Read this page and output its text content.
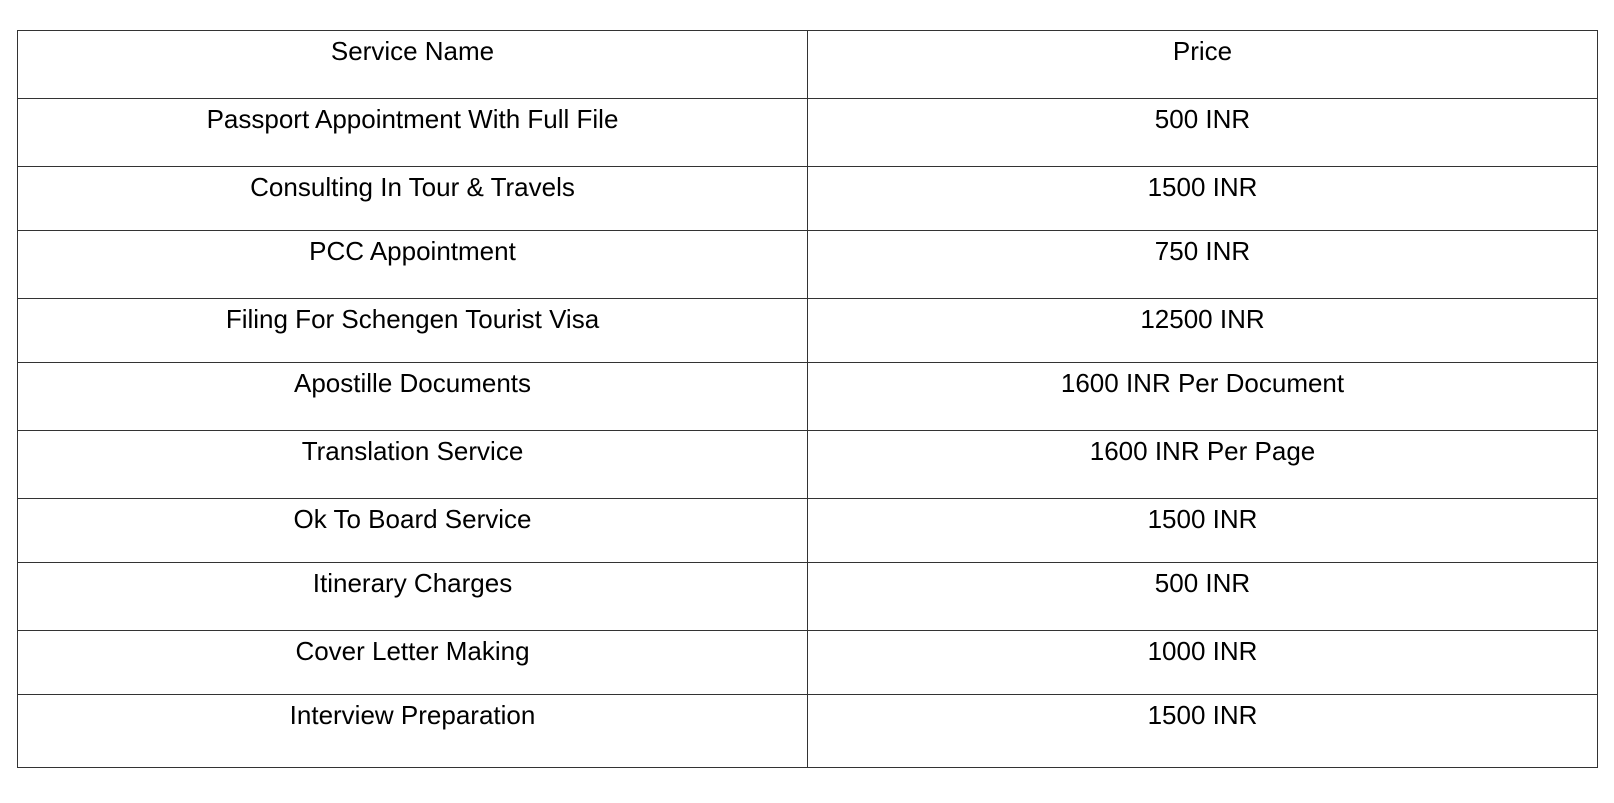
Service Name	Price
Passport Appointment With Full File	500 INR
Consulting In Tour & Travels	1500 INR
PCC Appointment	750 INR
Filing For Schengen Tourist Visa	12500 INR
Apostille Documents	1600 INR Per Document
Translation Service	1600 INR Per Page
Ok To Board Service	1500 INR
Itinerary Charges	500 INR
Cover Letter Making	1000 INR
Interview Preparation	1500 INR
